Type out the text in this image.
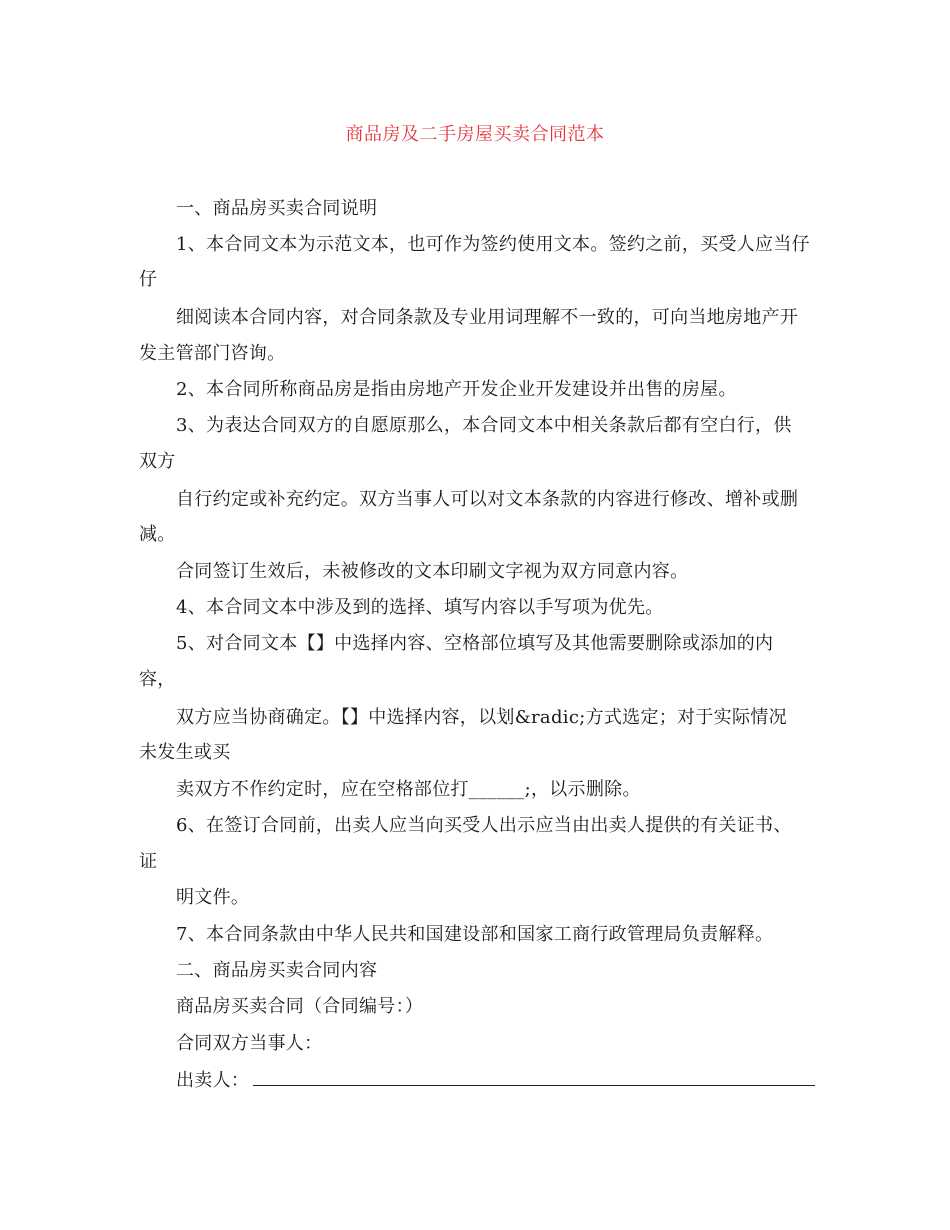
商品房及二手房屋买卖合同范本
一、商品房买卖合同说明
1、本合同文本为示范文本，也可作为签约使用文本。签约之前，买受人应当仔
仔
细阅读本合同内容，对合同条款及专业用词理解不一致的，可向当地房地产开
发主管部门咨询。
2、本合同所称商品房是指由房地产开发企业开发建设并出售的房屋。
3、为表达合同双方的自愿原那么，本合同文本中相关条款后都有空白行，供
双方
自行约定或补充约定。双方当事人可以对文本条款的内容进行修改、增补或删
减。
合同签订生效后，未被修改的文本印刷文字视为双方同意内容。
4、本合同文本中涉及到的选择、填写内容以手写项为优先。
5、对合同文本【】中选择内容、空格部位填写及其他需要删除或添加的内
容，
双方应当协商确定。【】中选择内容，以划&radic;方式选定；对于实际情况
未发生或买
卖双方不作约定时，应在空格部位打______;，以示删除。
6、在签订合同前，出卖人应当向买受人出示应当由出卖人提供的有关证书、
证
明文件。
7、本合同条款由中华人民共和国建设部和国家工商行政管理局负责解释。
二、商品房买卖合同内容
商品房买卖合同（合同编号：）
合同双方当事人：
出卖人：
